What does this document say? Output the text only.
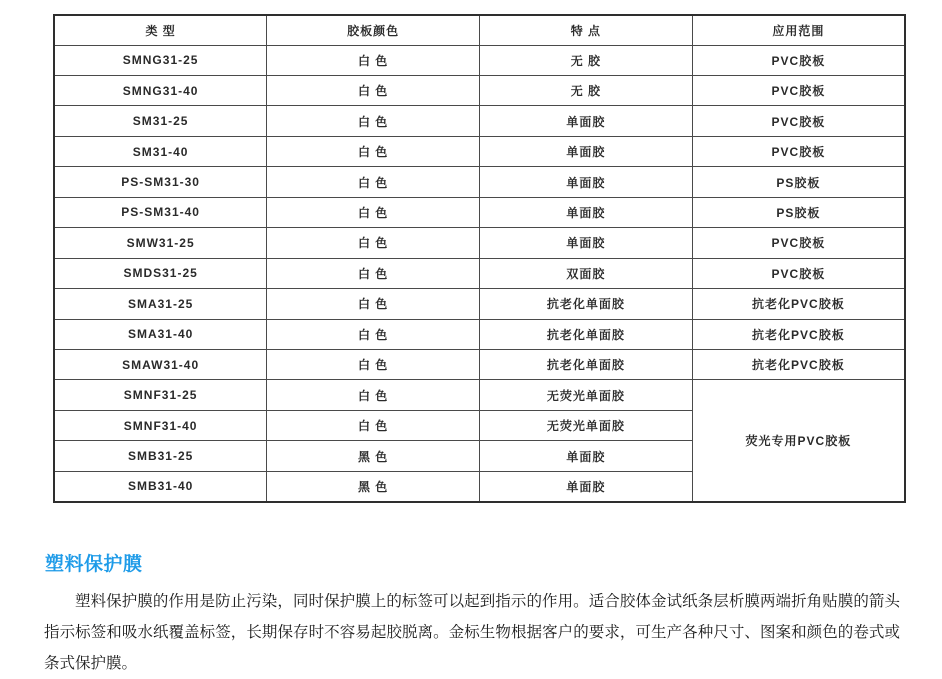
类 型	胶板颜色	特 点	应用范围
SMNG31-25	白 色	无 胶	PVC胶板
SMNG31-40	白 色	无 胶	PVC胶板
SM31-25	白 色	单面胶	PVC胶板
SM31-40	白 色	单面胶	PVC胶板
PS-SM31-30	白 色	单面胶	PS胶板
PS-SM31-40	白 色	单面胶	PS胶板
SMW31-25	白 色	单面胶	PVC胶板
SMDS31-25	白 色	双面胶	PVC胶板
SMA31-25	白 色	抗老化单面胶	抗老化PVC胶板
SMA31-40	白 色	抗老化单面胶	抗老化PVC胶板
SMAW31-40	白 色	抗老化单面胶	抗老化PVC胶板
SMNF31-25	白 色	无荧光单面胶	荧光专用PVC胶板
SMNF31-40	白 色	无荧光单面胶	
SMB31-25	黑 色	单面胶	
SMB31-40	黑 色	单面胶	
塑料保护膜

塑料保护膜的作用是防止污染，同时保护膜上的标签可以起到指示的作用。适合胶体金试纸条层析膜两端折角贴膜的箭头指示标签和吸水纸覆盖标签，长期保存时不容易起胶脱离。金标生物根据客户的要求，可生产各种尺寸、图案和颜色的卷式或条式保护膜。
